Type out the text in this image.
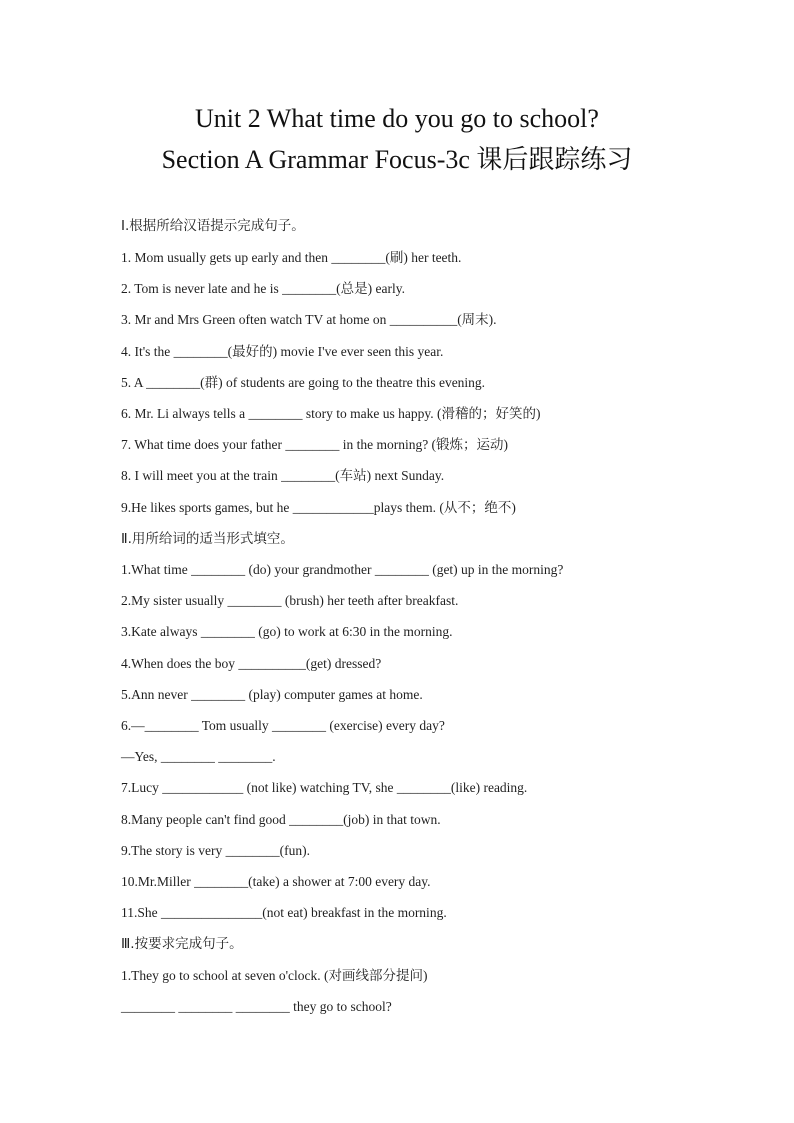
Unit 2 What time do you go to school?
Section A Grammar Focus-3c 课后跟踪练习
Ⅰ.根据所给汉语提示完成句子。
1. Mom usually gets up early and then ________(刷) her teeth.
2. Tom is never late and he is ________(总是) early.
3. Mr and Mrs Green often watch TV at home on __________(周末).
4. It's the ________(最好的) movie I've ever seen this year.
5. A ________(群) of students are going to the theatre this evening.
6. Mr. Li always tells a ________ story to make us happy. (滑稽的；好笑的)
7. What time does your father ________ in the morning? (锻炼；运动)
8. I will meet you at the train ________(车站) next Sunday.
9.He likes sports games, but he ____________plays them. (从不；绝不)
Ⅱ.用所给词的适当形式填空。
1.What time ________ (do) your grandmother ________ (get) up in the morning?
2.My sister usually ________ (brush) her teeth after breakfast.
3.Kate always ________ (go) to work at 6:30 in the morning.
4.When does the boy __________(get) dressed?
5.Ann never ________ (play) computer games at home.
6.—________ Tom usually ________ (exercise) every day?
—Yes, ________ ________.
7.Lucy ____________ (not like) watching TV, she ________(like) reading.
8.Many people can't find good ________(job) in that town.
9.The story is very ________(fun).
10.Mr.Miller ________(take) a shower at 7:00 every day.
11.She _______________(not eat) breakfast in the morning.
Ⅲ.按要求完成句子。
1.They go to school at seven o'clock. (对画线部分提问)
________ ________ ________ they go to school?
